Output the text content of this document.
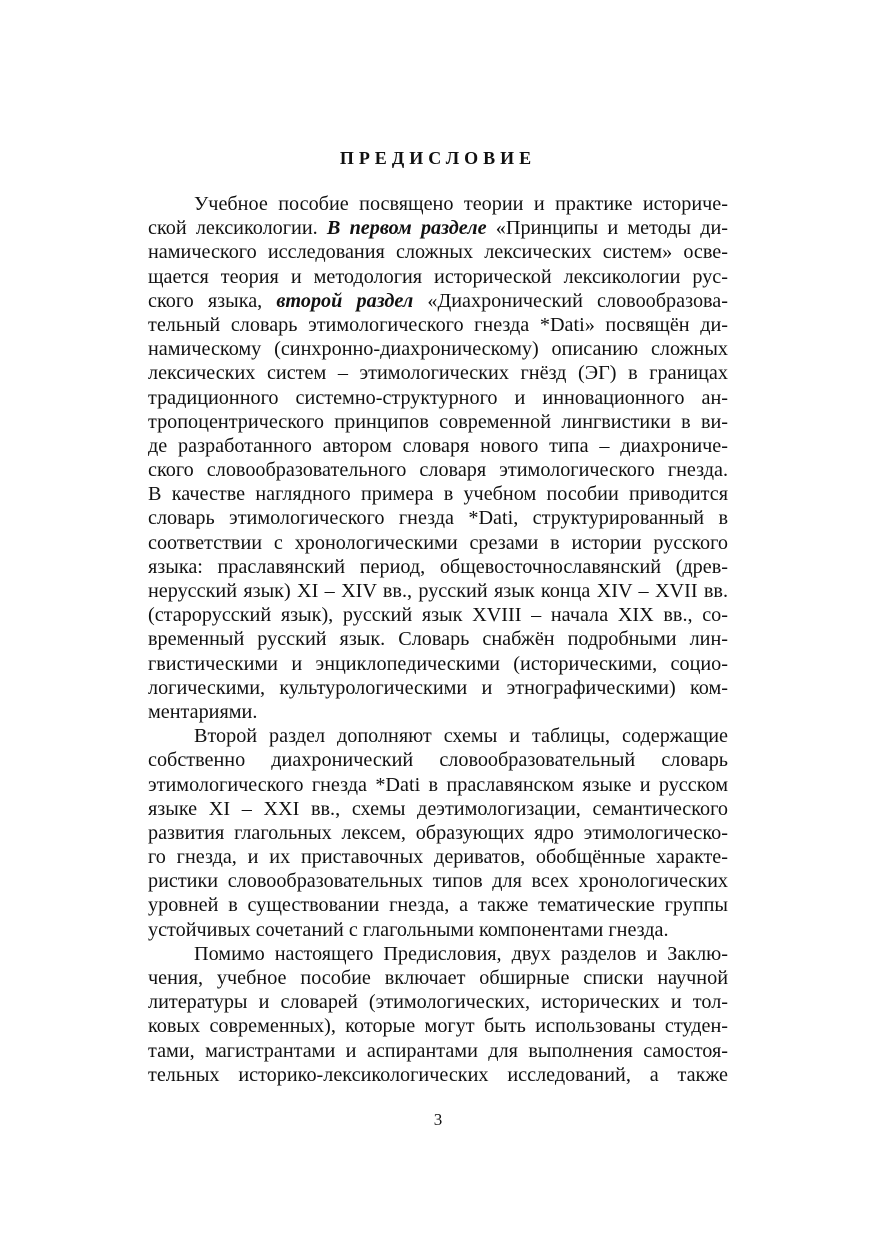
ПРЕДИСЛОВИЕ
Учебное пособие посвящено теории и практике историче-
ской лексикологии. В первом разделе «Принципы и методы ди-
намического исследования сложных лексических систем» осве-
щается теория и методология исторической лексикологии рус-
ского языка, второй раздел «Диахронический словообразова-
тельный словарь этимологического гнезда *Dati» посвящён ди-
намическому (синхронно-диахроническому) описанию сложных
лексических систем – этимологических гнёзд (ЭГ) в границах
традиционного системно-структурного и инновационного ан-
тропоцентрического принципов современной лингвистики в ви-
де разработанного автором словаря нового типа – диахрониче-
ского словообразовательного словаря этимологического гнезда.
В качестве наглядного примера в учебном пособии приводится
словарь этимологического гнезда *Dati, структурированный в
соответствии с хронологическими срезами в истории русского
языка: праславянский период, общевосточнославянский (древ-
нерусский язык) XI – XIV вв., русский язык конца XIV – XVII вв.
(старорусский язык), русский язык XVIII – начала XIX вв., со-
временный русский язык. Словарь снабжён подробными лин-
гвистическими и энциклопедическими (историческими, социо-
логическими, культурологическими и этнографическими) ком-
ментариями.
Второй раздел дополняют схемы и таблицы, содержащие
собственно диахронический словообразовательный словарь
этимологического гнезда *Dati в праславянском языке и русском
языке XI – XXI вв., схемы деэтимологизации, семантического
развития глагольных лексем, образующих ядро этимологическо-
го гнезда, и их приставочных дериватов, обобщённые характе-
ристики словообразовательных типов для всех хронологических
уровней в существовании гнезда, а также тематические группы
устойчивых сочетаний с глагольными компонентами гнезда.
Помимо настоящего Предисловия, двух разделов и Заклю-
чения, учебное пособие включает обширные списки научной
литературы и словарей (этимологических, исторических и тол-
ковых современных), которые могут быть использованы студен-
тами, магистрантами и аспирантами для выполнения самостоя-
тельных историко-лексикологических исследований, а также
3
